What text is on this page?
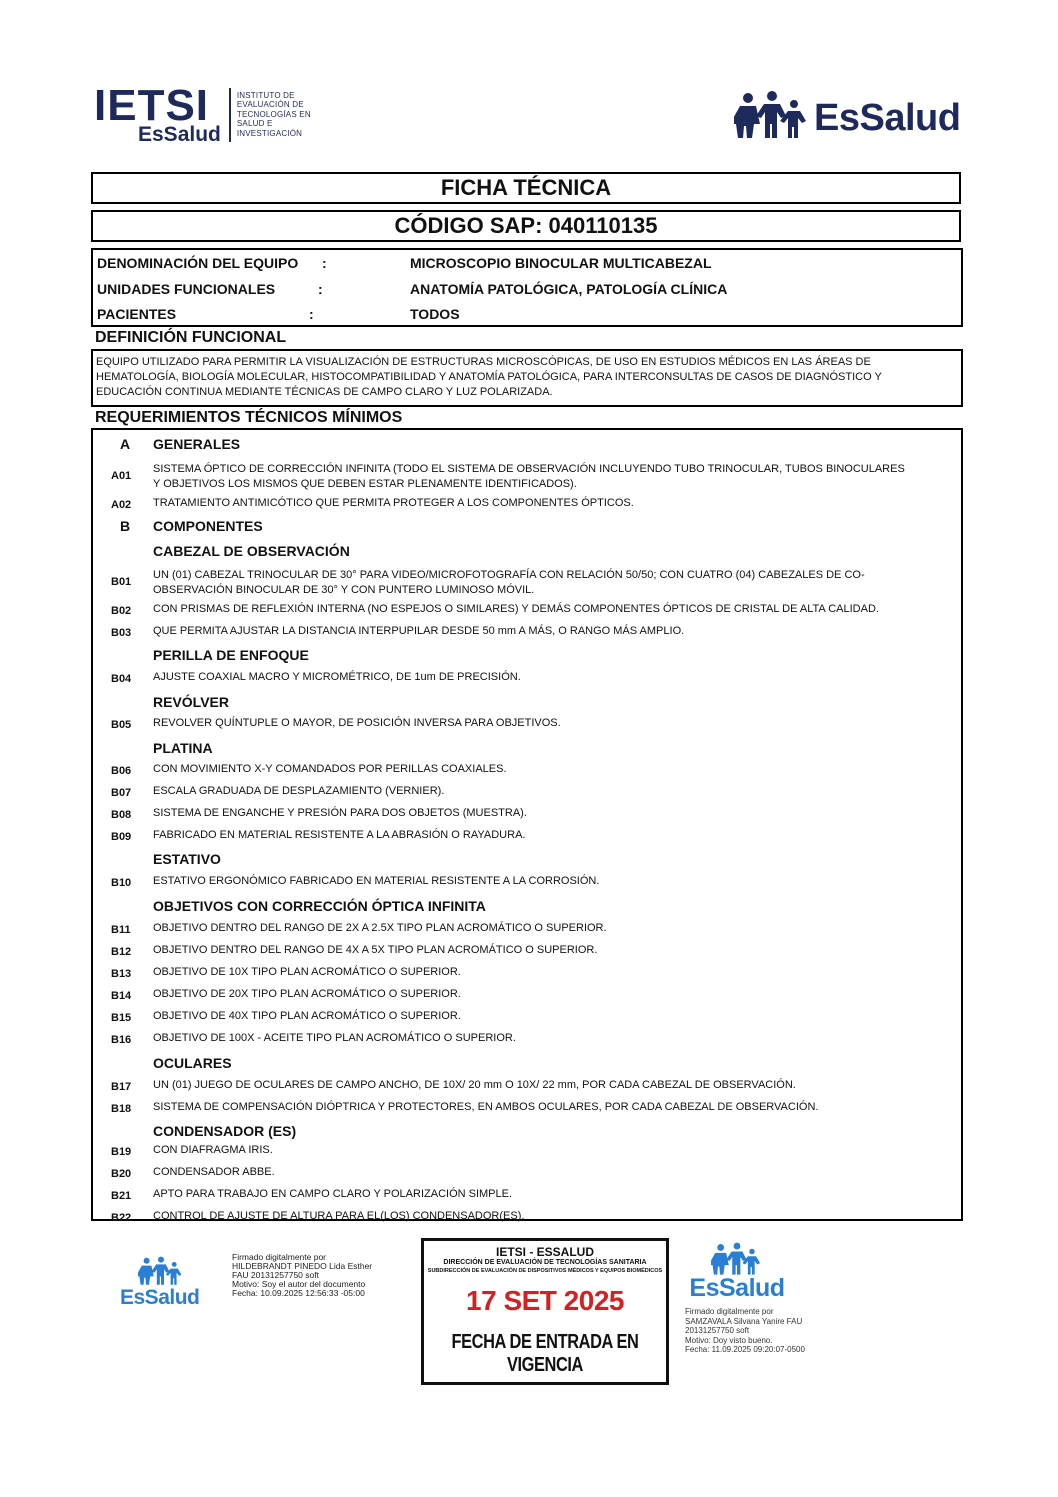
IETSI
EsSalud
INSTITUTO DE
EVALUACIÓN DE
TECNOLOGÍAS EN
SALUD E
INVESTIGACIÓN	EsSalud
FICHA TÉCNICA
CÓDIGO SAP: 040110135
DENOMINACIÓN DEL EQUIPO :	MICROSCOPIO BINOCULAR MULTICABEZAL
UNIDADES FUNCIONALES	:	ANATOMÍA PATOLÓGICA, PATOLOGÍA CLÍNICA
PACIENTES	:	TODOS
DEFINICIÓN FUNCIONAL
EQUIPO UTILIZADO PARA PERMITIR LA VISUALIZACIÓN DE ESTRUCTURAS MICROSCÓPICAS, DE USO EN ESTUDIOS MÉDICOS EN LAS ÁREAS DE
HEMATOLOGÍA, BIOLOGÍA MOLECULAR, HISTOCOMPATIBILIDAD Y ANATOMÍA PATOLÓGICA, PARA INTERCONSULTAS DE CASOS DE DIAGNÓSTICO Y
EDUCACIÓN CONTINUA MEDIANTE TÉCNICAS DE CAMPO CLARO Y LUZ POLARIZADA.
REQUERIMIENTOS TÉCNICOS MÍNIMOS
A GENERALES
A01
SISTEMA ÓPTICO DE CORRECCIÓN INFINITA (TODO EL SISTEMA DE OBSERVACIÓN INCLUYENDO TUBO TRINOCULAR, TUBOS BINOCULARES
Y OBJETIVOS LOS MISMOS QUE DEBEN ESTAR PLENAMENTE IDENTIFICADOS).
A02 TRATAMIENTO ANTIMICÓTICO QUE PERMITA PROTEGER A LOS COMPONENTES ÓPTICOS.
B COMPONENTES
CABEZAL DE OBSERVACIÓN
B01
UN (01) CABEZAL TRINOCULAR DE 30° PARA VIDEO/MICROFOTOGRAFÍA CON RELACIÓN 50/50; CON CUATRO (04) CABEZALES DE CO-
OBSERVACIÓN BINOCULAR DE 30° Y CON PUNTERO LUMINOSO MÓVIL.
B02 CON PRISMAS DE REFLEXIÓN INTERNA (NO ESPEJOS O SIMILARES) Y DEMÁS COMPONENTES ÓPTICOS DE CRISTAL DE ALTA CALIDAD.
B03 QUE PERMITA AJUSTAR LA DISTANCIA INTERPUPILAR DESDE 50 mm A MÁS, O RANGO MÁS AMPLIO.
PERILLA DE ENFOQUE
B04 AJUSTE COAXIAL MACRO Y MICROMÉTRICO, DE 1um DE PRECISIÓN.
REVÓLVER
B05 REVOLVER QUÍNTUPLE O MAYOR, DE POSICIÓN INVERSA PARA OBJETIVOS.
PLATINA
B06 CON MOVIMIENTO X-Y COMANDADOS POR PERILLAS COAXIALES.
B07 ESCALA GRADUADA DE DESPLAZAMIENTO (VERNIER).
B08 SISTEMA DE ENGANCHE Y PRESIÓN PARA DOS OBJETOS (MUESTRA).
B09 FABRICADO EN MATERIAL RESISTENTE A LA ABRASIÓN O RAYADURA.
ESTATIVO
B10 ESTATIVO ERGONÓMICO FABRICADO EN MATERIAL RESISTENTE A LA CORROSIÓN.
OBJETIVOS CON CORRECCIÓN ÓPTICA INFINITA
B11 OBJETIVO DENTRO DEL RANGO DE 2X A 2.5X TIPO PLAN ACROMÁTICO O SUPERIOR.
B12 OBJETIVO DENTRO DEL RANGO DE 4X A 5X TIPO PLAN ACROMÁTICO O SUPERIOR.
B13 OBJETIVO DE 10X TIPO PLAN ACROMÁTICO O SUPERIOR.
B14 OBJETIVO DE 20X TIPO PLAN ACROMÁTICO O SUPERIOR.
B15 OBJETIVO DE 40X TIPO PLAN ACROMÁTICO O SUPERIOR.
B16 OBJETIVO DE 100X - ACEITE TIPO PLAN ACROMÁTICO O SUPERIOR.
OCULARES
B17 UN (01) JUEGO DE OCULARES DE CAMPO ANCHO, DE 10X/ 20 mm O 10X/ 22 mm, POR CADA CABEZAL DE OBSERVACIÓN.
B18 SISTEMA DE COMPENSACIÓN DIÓPTRICA Y PROTECTORES, EN AMBOS OCULARES, POR CADA CABEZAL DE OBSERVACIÓN.
CONDENSADOR (ES)
B19 CON DIAFRAGMA IRIS.
B20 CONDENSADOR ABBE.
B21 APTO PARA TRABAJO EN CAMPO CLARO Y POLARIZACIÓN SIMPLE.
B22 CONTROL DE AJUSTE DE ALTURA PARA EL(LOS) CONDENSADOR(ES).
EsSalud
Firmado digitalmente por
HILDEBRANDT PINEDO Lida Esther
FAU 20131257750 soft
Motivo: Soy el autor del documento
Fecha: 10.09.2025 12:56:33 -05:00
IETSI - ESSALUD
DIRECCIÓN DE EVALUACIÓN DE TECNOLOGÍAS SANITARIA
SUBDIRECCIÓN DE EVALUACIÓN DE DISPOSITIVOS MÉDICOS Y EQUIPOS BIOMÉDICOS
17 SET 2025
FECHA DE ENTRADA EN VIGENCIA
EsSalud
Firmado digitalmente por
SAMZAVALA Silvana Yanire FAU
20131257750 soft
Motivo: Doy visto bueno.
Fecha: 11.09.2025 09:20:07-0500
